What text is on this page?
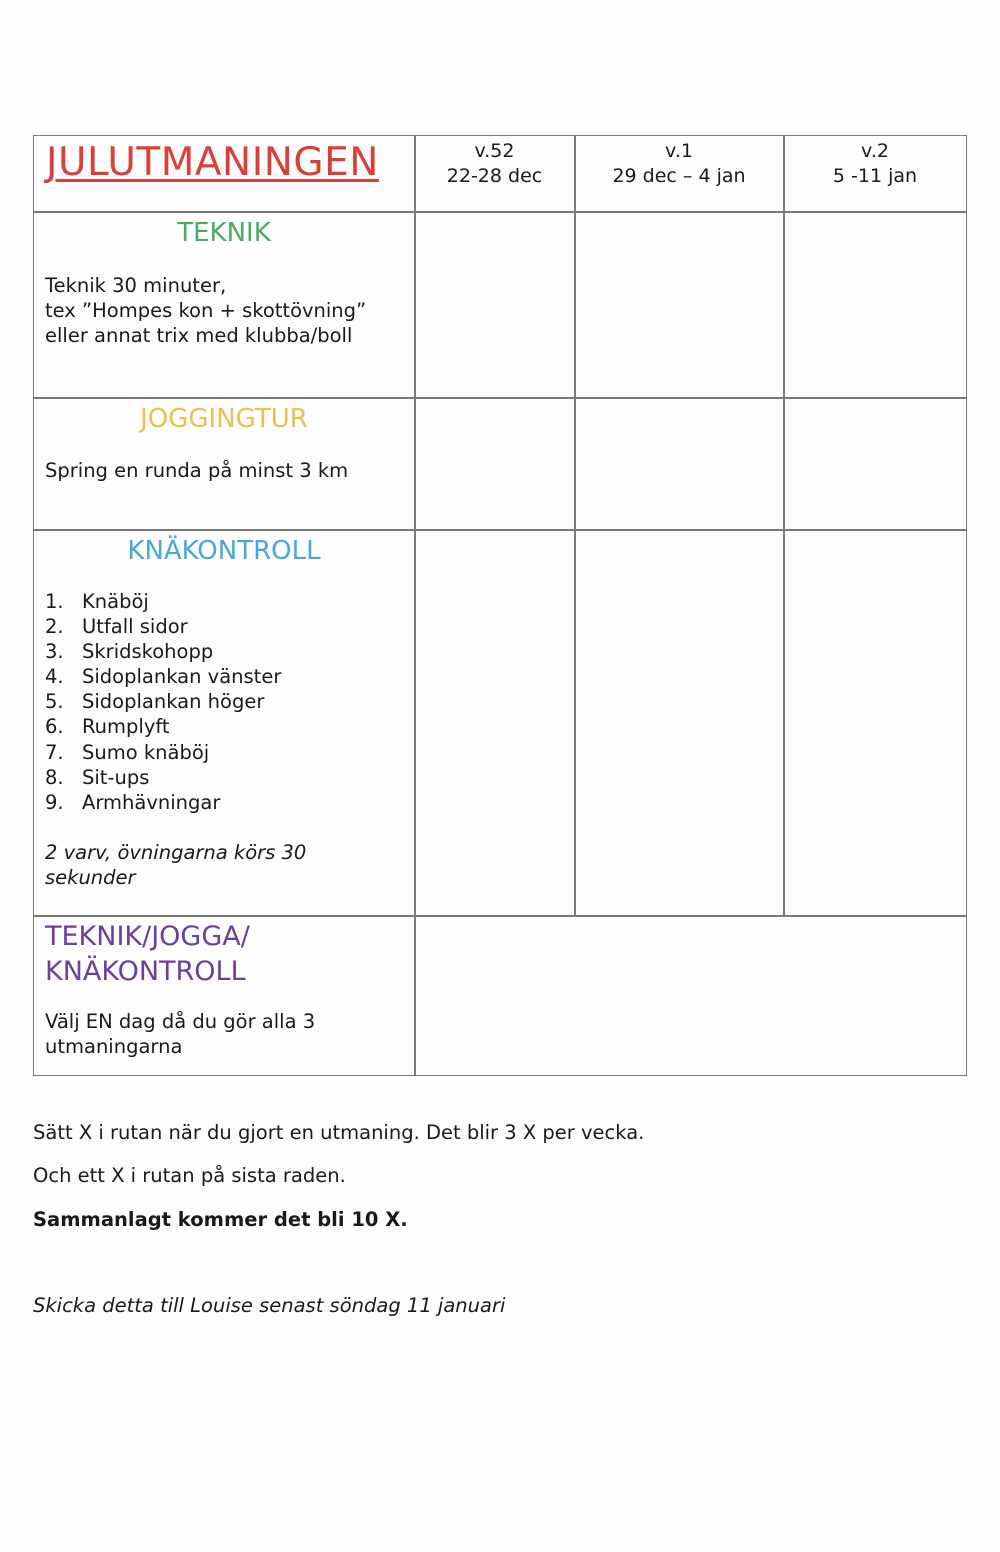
JULUTMANINGEN	v.52
22-28 dec
v.1
29 dec – 4 jan
v.2
5 -11 jan
TEKNIK
Teknik 30 minuter,
tex ”Hompes kon + skottövning”
eller annat trix med klubba/boll
JOGGINGTUR
Spring en runda på minst 3 km
KNÄKONTROLL
1. Knäböj
2. Utfall sidor
3. Skridskohopp
4. Sidoplankan vänster
5. Sidoplankan höger
6. Rumplyft
7. Sumo knäböj
8. Sit-ups
9. Armhävningar
2 varv, övningarna körs 30
sekunder
TEKNIK/JOGGA/
KNÄKONTROLL
Välj EN dag då du gör alla 3
utmaningarna
Sätt X i rutan när du gjort en utmaning. Det blir 3 X per vecka.
Och ett X i rutan på sista raden.
Sammanlagt kommer det bli 10 X.
Skicka detta till Louise senast söndag 11 januari
